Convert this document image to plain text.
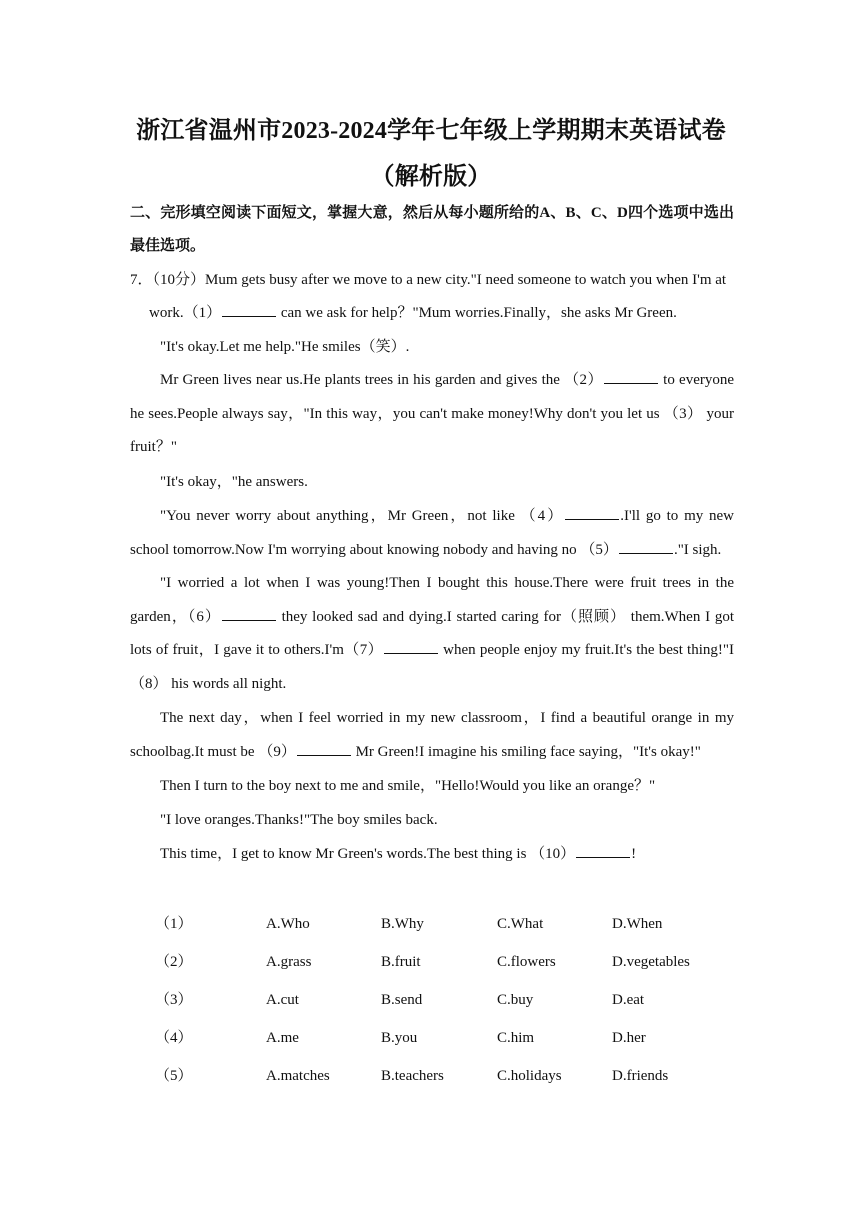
浙江省温州市2023-2024学年七年级上学期期末英语试卷（解析版）
二、完形填空阅读下面短文，掌握大意，然后从每小题所给的A、B、C、D四个选项中选出最佳选项。
7．（10分）Mum gets busy after we move to a new city."I need someone to watch you when I'm at
work.（1）	can we ask for help？"Mum worries.Finally，she asks Mr Green.
"It's okay.Let me help."He smiles（笑）.
Mr Green lives near us.He plants trees in his garden and gives the （2）	to everyone he sees.People always say，"In this way，you can't make money!Why don't you let us （3） your fruit？"
"It's okay，"he answers.
"You never worry about anything，Mr Green，not like （4）	.I'll go to my new school tomorrow.Now I'm worrying about knowing nobody and having no （5）	."I sigh.
"I worried a lot when I was young!Then I bought this house.There were fruit trees in the garden，（6）	they looked sad and dying.I started caring for（照顾） them.When I got lots of fruit，I gave it to others.I'm（7）	when people enjoy my fruit.It's the best thing!"I （8） his words all night.
The next day，when I feel worried in my new classroom，I find a beautiful orange in my schoolbag.It must be （9）	Mr Green!I imagine his smiling face saying，"It's okay!"
Then I turn to the boy next to me and smile，"Hello!Would you like an orange？"
"I love oranges.Thanks!"The boy smiles back.
This time，I get to know Mr Green's words.The best thing is （10）	!
（1）	A.Who	B.Why	C.What	D.When
（2）	A.grass	B.fruit	C.flowers	D.vegetables
（3）	A.cut	B.send	C.buy	D.eat
（4）	A.me	B.you	C.him	D.her
（5）	A.matches	B.teachers	C.holidays	D.friends
